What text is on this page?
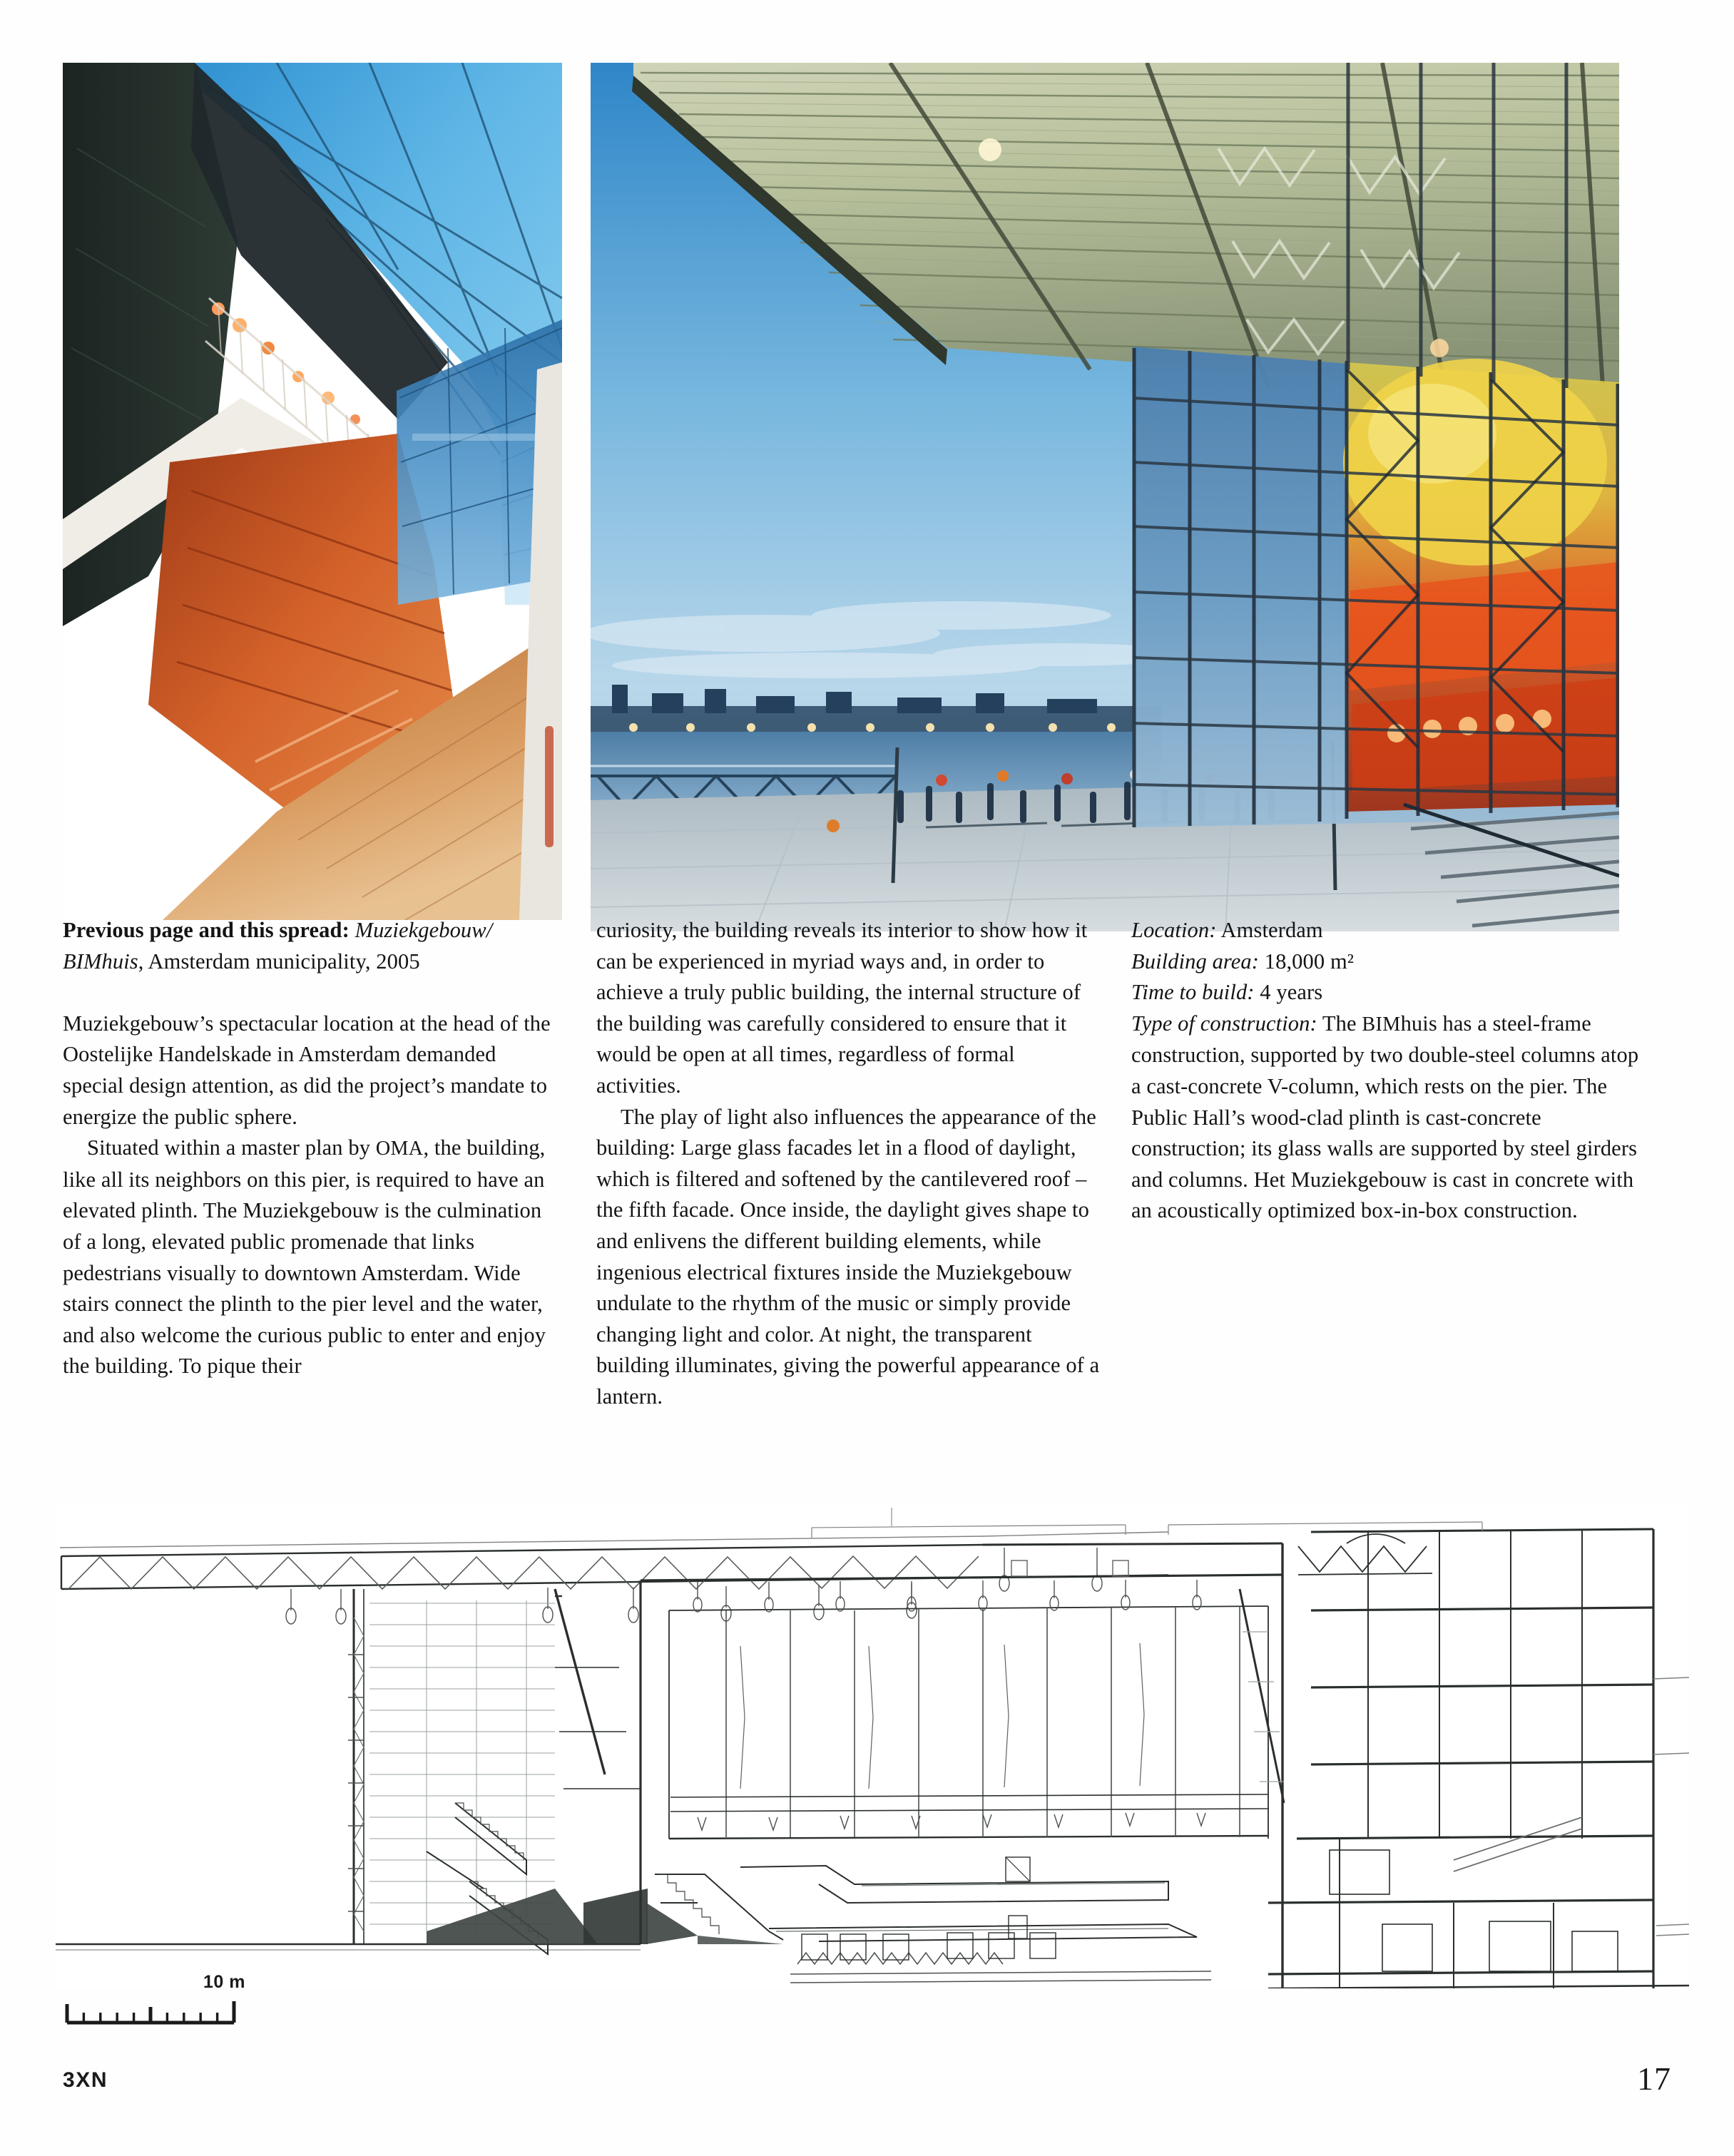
Previous page and this spread: Muziekgebouw/ BIMhuis, Amsterdam municipality, 2005

Muziekgebouw’s spectacular location at the head of the Oostelijke Handelskade in Amsterdam demanded special design attention, as did the project’s mandate to energize the public sphere.

Situated within a master plan by OMA, the building, like all its neighbors on this pier, is required to have an elevated plinth. The Muziekgebouw is the culmination of a long, elevated public promenade that links pedestrians visually to downtown Amsterdam. Wide stairs connect the plinth to the pier level and the water, and also welcome the curious public to enter and enjoy the building. To pique their

curiosity, the building reveals its interior to show how it can be experienced in myriad ways and, in order to achieve a truly public building, the internal structure of the building was carefully considered to ensure that it would be open at all times, regardless of formal activities.

The play of light also influences the appearance of the building: Large glass facades let in a flood of daylight, which is filtered and softened by the cantilevered roof – the fifth facade. Once inside, the daylight gives shape to and enlivens the different building elements, while ingenious electrical fixtures inside the Muziekgebouw undulate to the rhythm of the music or simply provide changing light and color. At night, the transparent building illuminates, giving the powerful appearance of a lantern.

Location: Amsterdam

Building area: 18,000 m²

Time to build: 4 years

Type of construction: The BIMhuis has a steel-frame construction, supported by two double-steel columns atop a cast-concrete V-column, which rests on the pier. The Public Hall’s wood-clad plinth is cast-concrete construction; its glass walls are supported by steel girders and columns. Het Muziekgebouw is cast in concrete with an acoustically optimized box-in-box construction.

10 m
3XN	17
